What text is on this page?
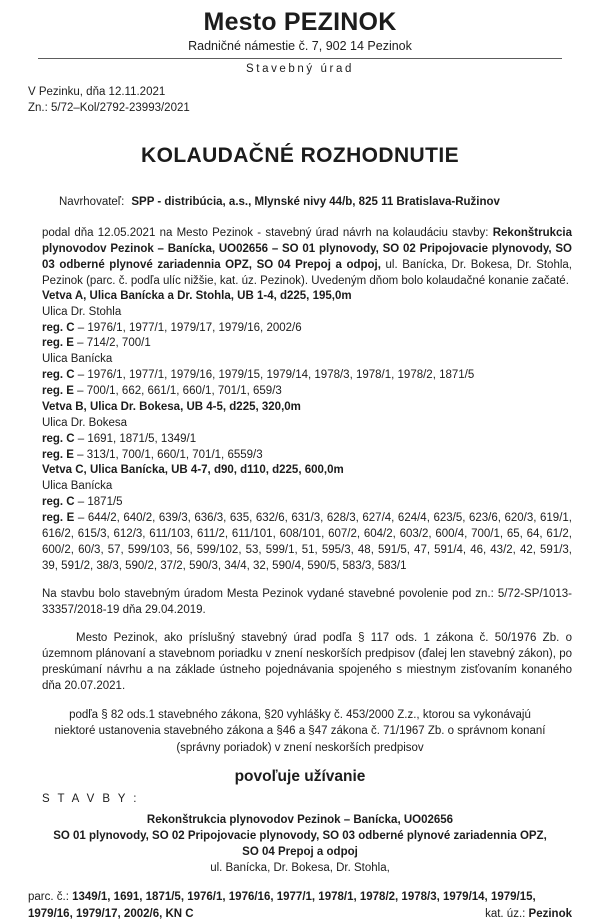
Mesto PEZINOK
Radničné námestie č. 7, 902 14 Pezinok
Stavebný úrad
V Pezinku, dňa 12.11.2021
Zn.: 5/72–Kol/2792-23993/2021
KOLAUDAČNÉ ROZHODNUTIE
Navrhovateľ: SPP - distribúcia, a.s., Mlynské nivy 44/b, 825 11 Bratislava-Ružinov
podal dňa 12.05.2021 na Mesto Pezinok - stavebný úrad návrh na kolaudáciu stavby: Rekonštrukcia plynovodov Pezinok – Banícka, UO02656 – SO 01 plynovody, SO 02 Pripojovacie plynovody, SO 03 odberné plynové zariadennia OPZ, SO 04 Prepoj a odpoj, ul. Banícka, Dr. Bokesa, Dr. Stohla, Pezinok (parc. č. podľa ulíc nižšie, kat. úz. Pezinok). Uvedeným dňom bolo kolaudačné konanie začaté.
Vetva A, Ulica Banícka a Dr. Stohla, UB 1-4, d225, 195,0m
Ulica Dr. Stohla
reg. C – 1976/1, 1977/1, 1979/17, 1979/16, 2002/6
reg. E – 714/2, 700/1
Ulica Banícka
reg. C – 1976/1, 1977/1, 1979/16, 1979/15, 1979/14, 1978/3, 1978/1, 1978/2, 1871/5
reg. E – 700/1, 662, 661/1, 660/1, 701/1, 659/3
Vetva B, Ulica Dr. Bokesa, UB 4-5, d225, 320,0m
Ulica Dr. Bokesa
reg. C – 1691, 1871/5, 1349/1
reg. E – 313/1, 700/1, 660/1, 701/1, 6559/3
Vetva C, Ulica Banícka, UB 4-7, d90, d110, d225, 600,0m
Ulica Banícka
reg. C – 1871/5
reg. E – 644/2, 640/2, 639/3, 636/3, 635, 632/6, 631/3, 628/3, 627/4, 624/4, 623/5, 623/6, 620/3, 619/1, 616/2, 615/3, 612/3, 611/103, 611/2, 611/101, 608/101, 607/2, 604/2, 603/2, 600/4, 700/1, 65, 64, 61/2, 600/2, 60/3, 57, 599/103, 56, 599/102, 53, 599/1, 51, 595/3, 48, 591/5, 47, 591/4, 46, 43/2, 42, 591/3, 39, 591/2, 38/3, 590/2, 37/2, 590/3, 34/4, 32, 590/4, 590/5, 583/3, 583/1
Na stavbu bolo stavebným úradom Mesta Pezinok vydané stavebné povolenie pod zn.: 5/72-SP/1013-33357/2018-19 dňa 29.04.2019.
Mesto Pezinok, ako príslušný stavebný úrad podľa § 117 ods. 1 zákona č. 50/1976 Zb. o územnom plánovaní a stavebnom poriadku v znení neskorších predpisov (ďalej len stavebný zákon), po preskúmaní návrhu a na základe ústneho pojednávania spojeného s miestnym zisťovaním konaného dňa 20.07.2021.
podľa § 82 ods.1 stavebného zákona, §20 vyhlášky č. 453/2000 Z.z., ktorou sa vykonávajú niektoré ustanovenia stavebného zákona a §46 a §47 zákona č. 71/1967 Zb. o správnom konaní (správny poriadok) v znení neskorších predpisov
povoľuje užívanie
S T A V B Y :
Rekonštrukcia plynovodov Pezinok – Banícka, UO02656
SO 01 plynovody, SO 02 Pripojovacie plynovody, SO 03 odberné plynové zariadennia OPZ,
SO 04 Prepoj a odpoj
ul. Banícka, Dr. Bokesa, Dr. Stohla,
parc. č.: 1349/1, 1691, 1871/5, 1976/1, 1976/16, 1977/1, 1978/1, 1978/2, 1978/3, 1979/14, 1979/15,
1979/16, 1979/17, 2002/6, KN C	kat. úz.: Pezinok
